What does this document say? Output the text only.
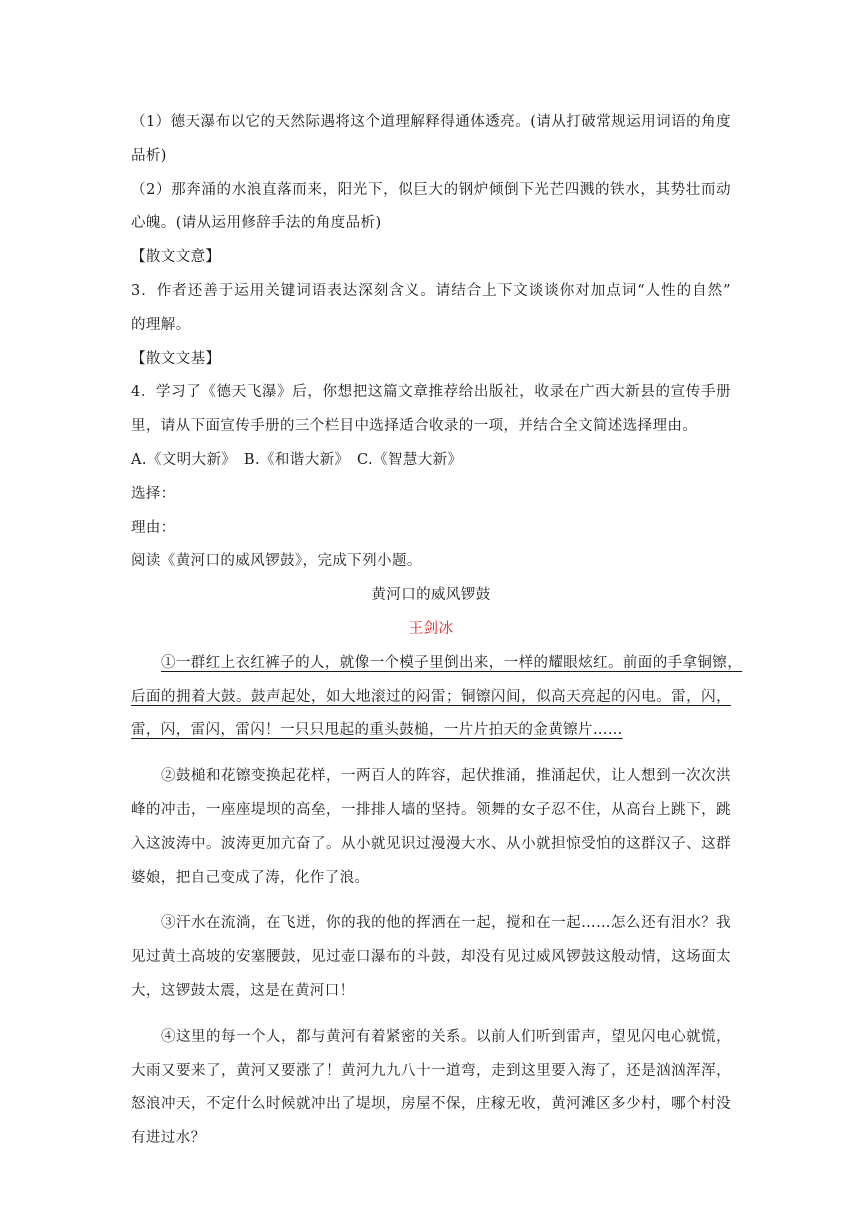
（1）德天瀑布以它的天然际遇将这个道理解释得通体透亮。(请从打破常规运用词语的角度
品析)
（2）那奔涌的水浪直落而来，阳光下，似巨大的钢炉倾倒下光芒四溅的铁水，其势壮而动
心魄。(请从运用修辞手法的角度品析)
【散文文意】
3．作者还善于运用关键词语表达深刻含义。请结合上下文谈谈你对加点词“人性的自然”
的理解。
【散文文基】
4．学习了《德天飞瀑》后，你想把这篇文章推荐给出版社，收录在广西大新县的宣传手册
里，请从下面宣传手册的三个栏目中选择适合收录的一项，并结合全文简述选择理由。
A.《文明大新》　B.《和谐大新》　C.《智慧大新》
选择：
理由：
阅读《黄河口的威风锣鼓》，完成下列小题。
黄河口的威风锣鼓
王剑冰
①一群红上衣红裤子的人，就像一个模子里倒出来，一样的耀眼炫红。前面的手拿铜镲，
后面的拥着大鼓。鼓声起处，如大地滚过的闷雷；铜镲闪间，似高天亮起的闪电。雷，闪，
雷，闪，雷闪，雷闪！一只只甩起的重头鼓槌，一片片拍天的金黄镲片……
②鼓槌和花镲变换起花样，一两百人的阵容，起伏推涌，推涌起伏，让人想到一次次洪
峰的冲击，一座座堤坝的高垒，一排排人墙的坚持。领舞的女子忍不住，从高台上跳下，跳
入这波涛中。波涛更加亢奋了。从小就见识过漫漫大水、从小就担惊受怕的这群汉子、这群
婆娘，把自己变成了涛，化作了浪。
③汗水在流淌，在飞迸，你的我的他的挥洒在一起，搅和在一起……怎么还有泪水？我
见过黄土高坡的安塞腰鼓，见过壶口瀑布的斗鼓，却没有见过威风锣鼓这般动情，这场面太
大，这锣鼓太震，这是在黄河口！
④这里的每一个人，都与黄河有着紧密的关系。以前人们听到雷声，望见闪电心就慌，
大雨又要来了，黄河又要涨了！黄河九九八十一道弯，走到这里要入海了，还是汹汹浑浑，
怒浪冲天，不定什么时候就冲出了堤坝，房屋不保，庄稼无收，黄河滩区多少村，哪个村没
有进过水？
